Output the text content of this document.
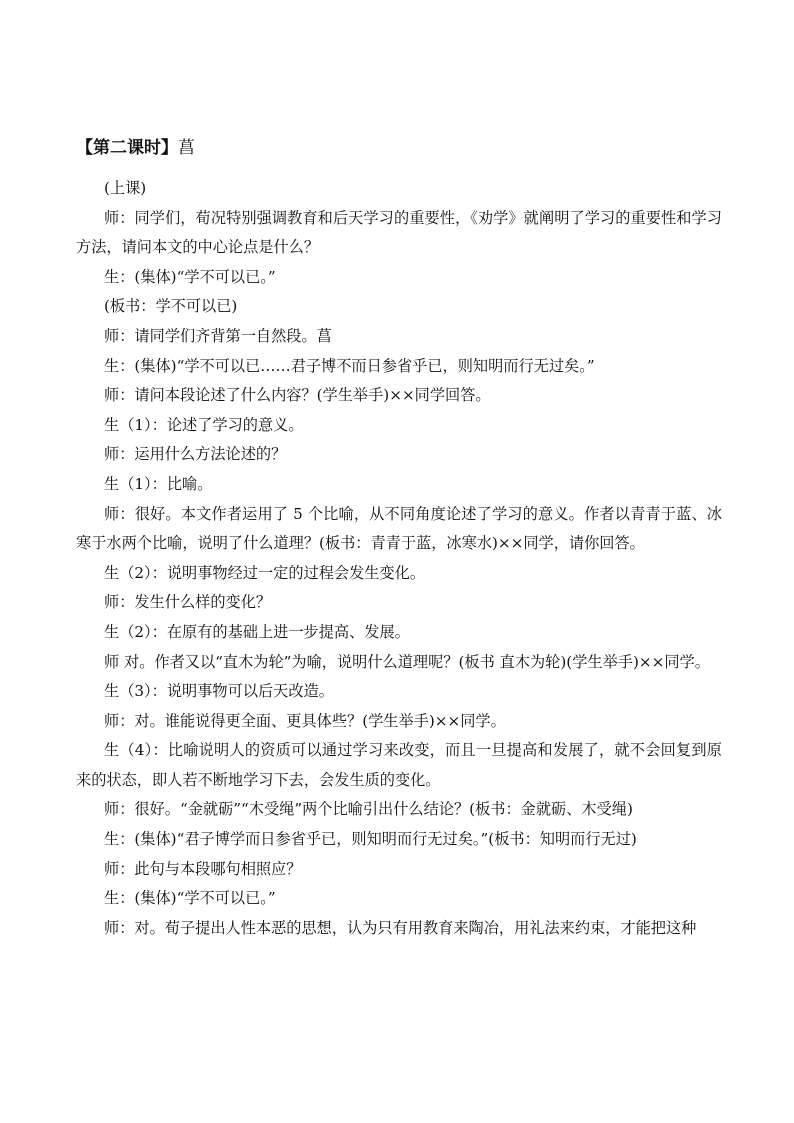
【第二课时】菖

(上课)

师：同学们，荀况特别强调教育和后天学习的重要性，《劝学》就阐明了学习的重要性和学习方法，请问本文的中心论点是什么？

生：(集体)“学不可以已。”

(板书：学不可以已)

师：请同学们齐背第一自然段。菖

生：(集体)“学不可以已……君子博不而日参省乎已，则知明而行无过矣。”

师：请问本段论述了什么内容？(学生举手)××同学回答。

生（1）：论述了学习的意义。

师：运用什么方法论述的？

生（1）：比喻。

师：很好。本文作者运用了 5 个比喻，从不同角度论述了学习的意义。作者以青青于蓝、冰寒于水两个比喻，说明了什么道理？(板书：青青于蓝，冰寒水)××同学，请你回答。

生（2）：说明事物经过一定的过程会发生变化。

师：发生什么样的变化？

生（2）：在原有的基础上进一步提高、发展。

师 对。作者又以“直木为轮”为喻，说明什么道理呢？(板书 直木为轮)(学生举手)××同学。

生（3）：说明事物可以后天改造。

师：对。谁能说得更全面、更具体些？(学生举手)××同学。

生（4）：比喻说明人的资质可以通过学习来改变，而且一旦提高和发展了，就不会回复到原来的状态，即人若不断地学习下去，会发生质的变化。

师：很好。“金就砺”“木受绳”两个比喻引出什么结论？(板书：金就砺、木受绳)

生：(集体)“君子博学而日参省乎已，则知明而行无过矣。”(板书：知明而行无过)

师：此句与本段哪句相照应？

生：(集体)“学不可以已。”

师：对。荀子提出人性本恶的思想，认为只有用教育来陶冶，用礼法来约束，才能把这种
